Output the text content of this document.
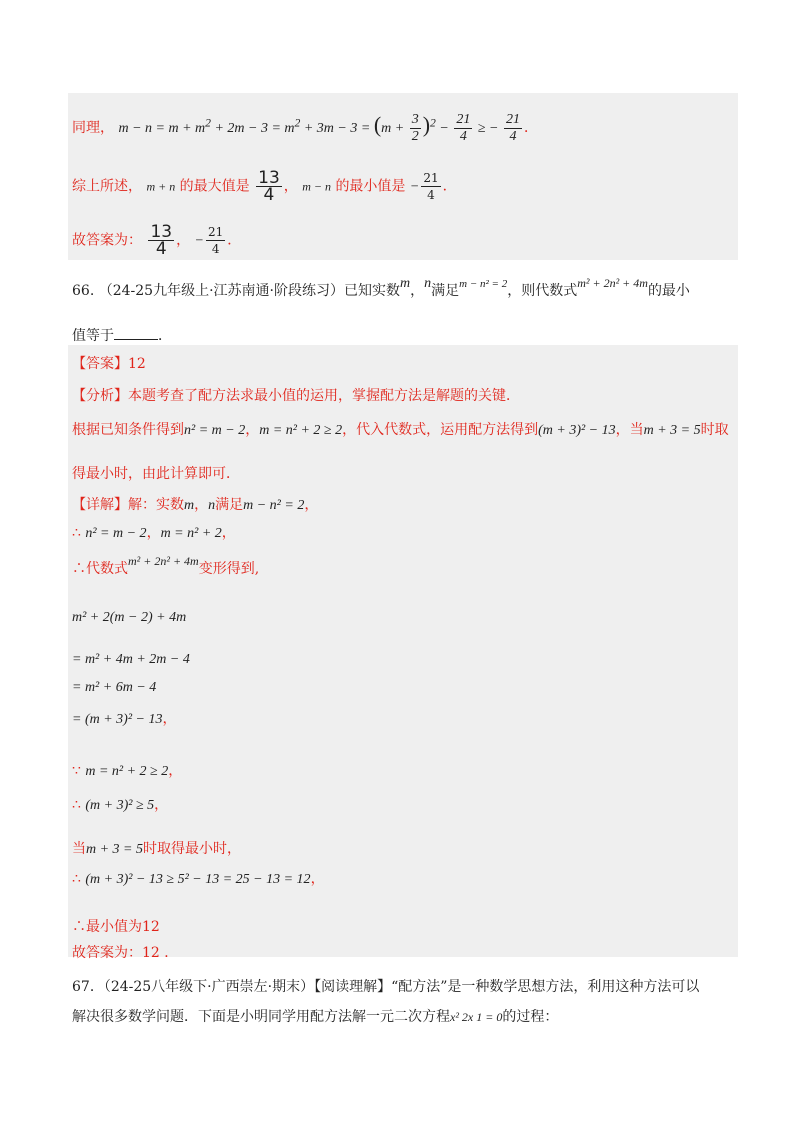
同理， $m - n = m + m^2 + 2m - 3 = m^2 + 3m - 3 = (m + \frac{3}{2} )^2 - \frac{21}{4}$ ≥ − $\frac{21}{4}$ ．
综上所述， m + n 的最大值是 $\frac{13}{4}$ ， m − n 的最小值是 − $\frac{21}{4}$ ．
故答案为： $\frac{13}{4}$ ， − $\frac{21}{4}$ ．
66. （24-25九年级上·江苏南通·阶段练习）已知实数m，n满足$^{m - n^2 = 2}$，则代数式m² + 2n² + 4m的最小
值等于	．
【答案】12
【分析】本题考查了配方法求最小值的运用，掌握配方法是解题的关键．
根据已知条件得到n² = m − 2，m = n² + 2 ≥ 2，代入代数式，运用配方法得到(m + 3)² − 13，当m + 3 = 5时取
得最小时，由此计算即可．
【详解】解：实数m，n满足m − n² = 2，
∴ n² = m − 2，m = n² + 2，
∴代数式m² + 2n² + 4m变形得到,
m² + 2(m − 2) + 4m
= m² + 4m + 2m − 4
= m² + 6m − 4
= (m + 3)² − 13，
∵ m = n² + 2 ≥ 2，
∴ (m + 3)² ≥ 5，
当m + 3 = 5时取得最小时，
∴ (m + 3)² − 13 ≥ 5² − 13 = 25 − 13 = 12，
∴最小值为12
故答案为：12 ．
67．（24-25八年级下·广西崇左·期末）【阅读理解】“配方法”是一种数学思想方法，利用这种方法可以
解决很多数学问题．下面是小明同学用配方法解一元二次方程x² 2x 1 = 0的过程：
